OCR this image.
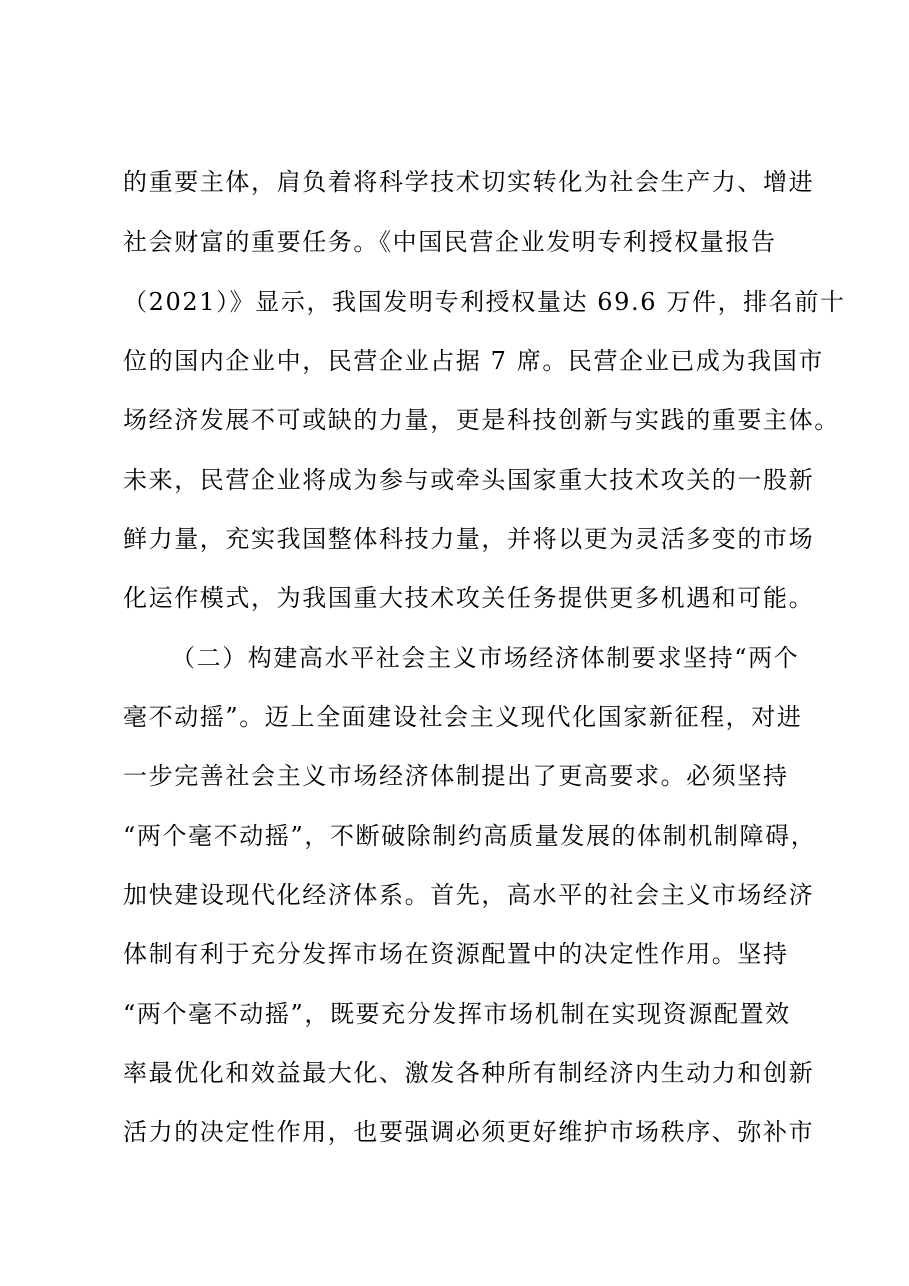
的重要主体，肩负着将科学技术切实转化为社会生产力、增进
社会财富的重要任务。《中国民营企业发明专利授权量报告
（2021）》显示，我国发明专利授权量达 69.6 万件，排名前十
位的国内企业中，民营企业占据 7 席。民营企业已成为我国市
场经济发展不可或缺的力量，更是科技创新与实践的重要主体。
未来，民营企业将成为参与或牵头国家重大技术攻关的一股新
鲜力量，充实我国整体科技力量，并将以更为灵活多变的市场
化运作模式，为我国重大技术攻关任务提供更多机遇和可能。
（二）构建高水平社会主义市场经济体制要求坚持“两个
毫不动摇”。迈上全面建设社会主义现代化国家新征程，对进
一步完善社会主义市场经济体制提出了更高要求。必须坚持
“两个毫不动摇”，不断破除制约高质量发展的体制机制障碍，
加快建设现代化经济体系。首先，高水平的社会主义市场经济
体制有利于充分发挥市场在资源配置中的决定性作用。坚持
“两个毫不动摇”，既要充分发挥市场机制在实现资源配置效
率最优化和效益最大化、激发各种所有制经济内生动力和创新
活力的决定性作用，也要强调必须更好维护市场秩序、弥补市
